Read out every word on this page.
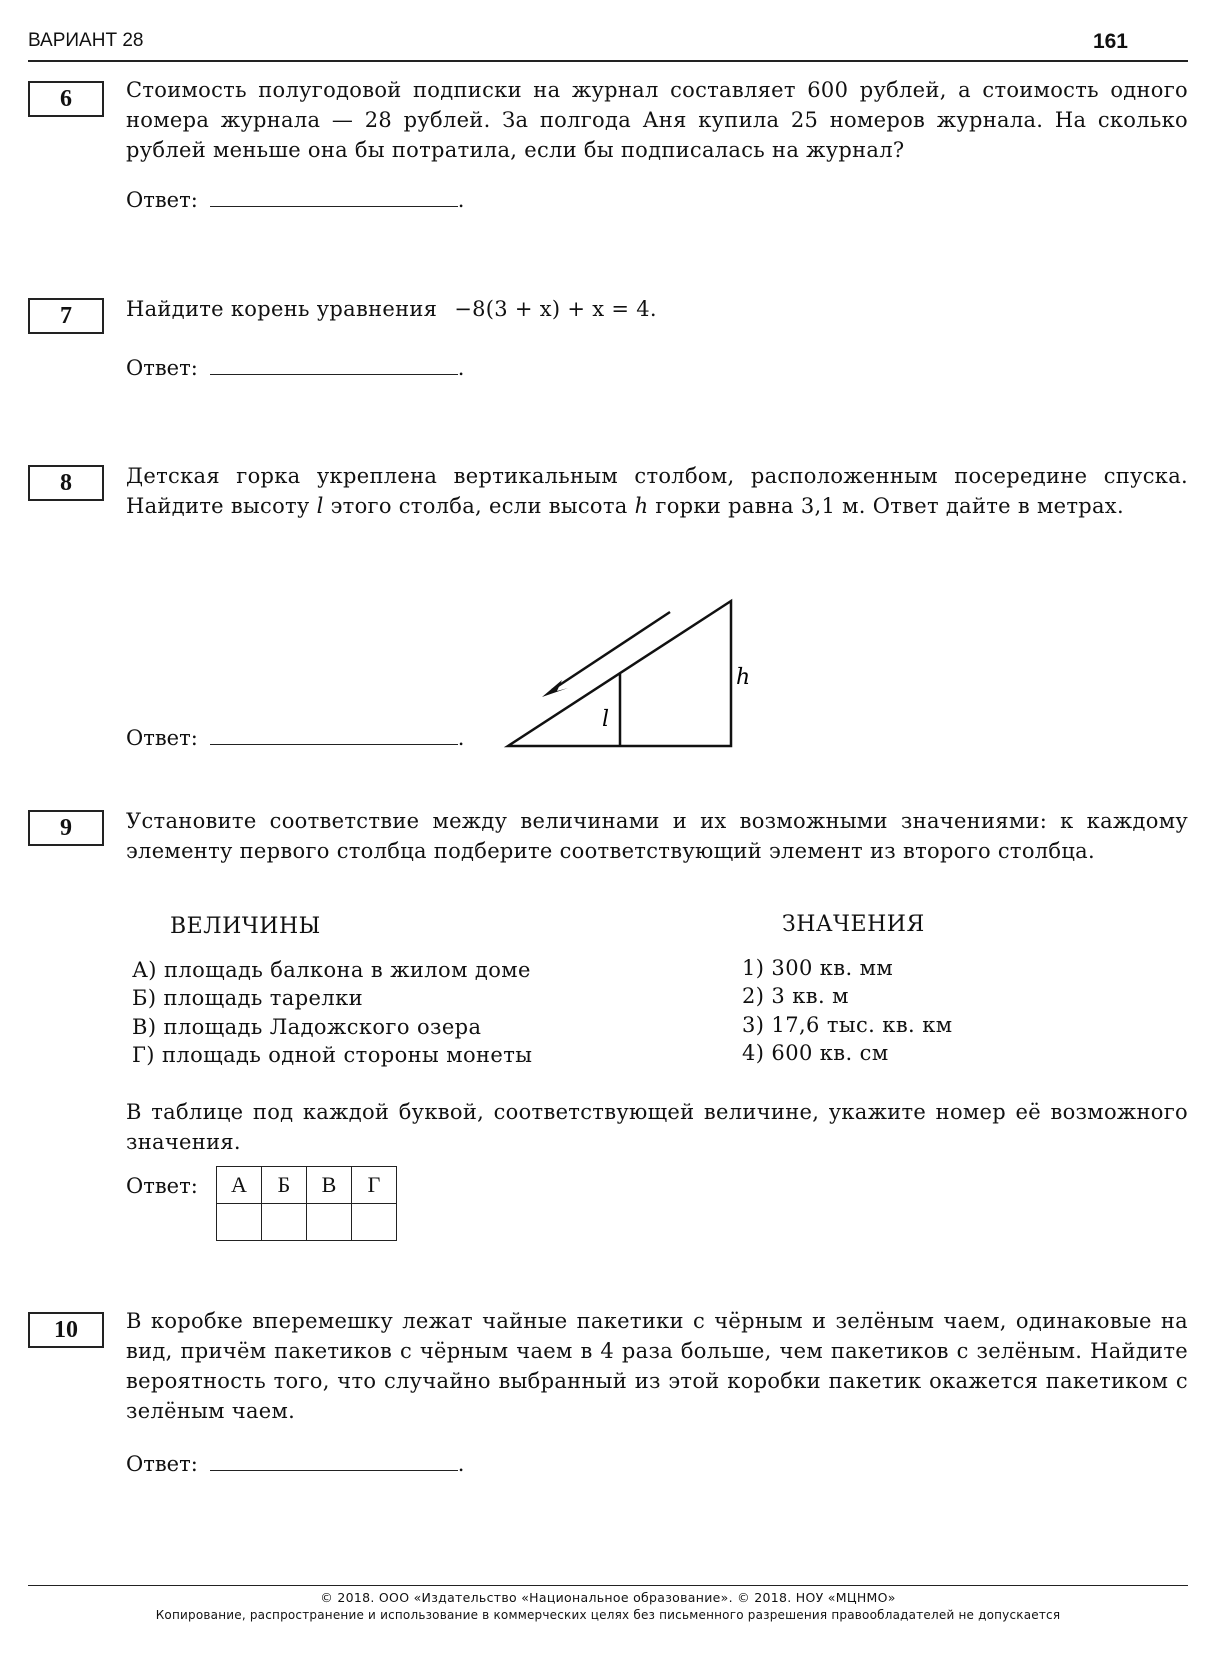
ВАРИАНТ 28	161
6	Стоимость полугодовой подписки на журнал составляет 600 рублей, а стоимость одного номера журнала — 28 рублей. За полгода Аня купила 25 номеров журнала. На сколько рублей меньше она бы потратила, если бы подписалась на журнал?
Ответ:	.
7	Найдите корень уравнения −8(3 + x) + x = 4.
Ответ:	.
8	Детская горка укреплена вертикальным столбом, расположенным посередине спуска. Найдите высоту l этого столба, если высота h горки равна 3,1 м. Ответ дайте в метрах.
l
h
Ответ:	.
9	Установите соответствие между величинами и их возможными значениями: к каждому элементу первого столбца подберите соответствующий элемент из второго столбца.
ВЕЛИЧИНЫ	ЗНАЧЕНИЯ
А) площадь балкона в жилом доме
Б) площадь тарелки
В) площадь Ладожского озера
Г) площадь одной стороны монеты
1) 300 кв. мм
2) 3 кв. м
3) 17,6 тыс. кв. км
4) 600 кв. см
В таблице под каждой буквой, соответствующей величине, укажите номер её возможного значения.
Ответ: А	Б	В	Г

10	В коробке вперемешку лежат чайные пакетики с чёрным и зелёным чаем, одинаковые на вид, причём пакетиков с чёрным чаем в 4 раза больше, чем пакетиков с зелёным. Найдите вероятность того, что случайно выбранный из этой коробки пакетик окажется пакетиком с зелёным чаем.
Ответ:	.
© 2018. ООО «Издательство «Национальное образование». © 2018. НОУ «МЦНМО»
Копирование, распространение и использование в коммерческих целях без письменного разрешения правообладателей не допускается
